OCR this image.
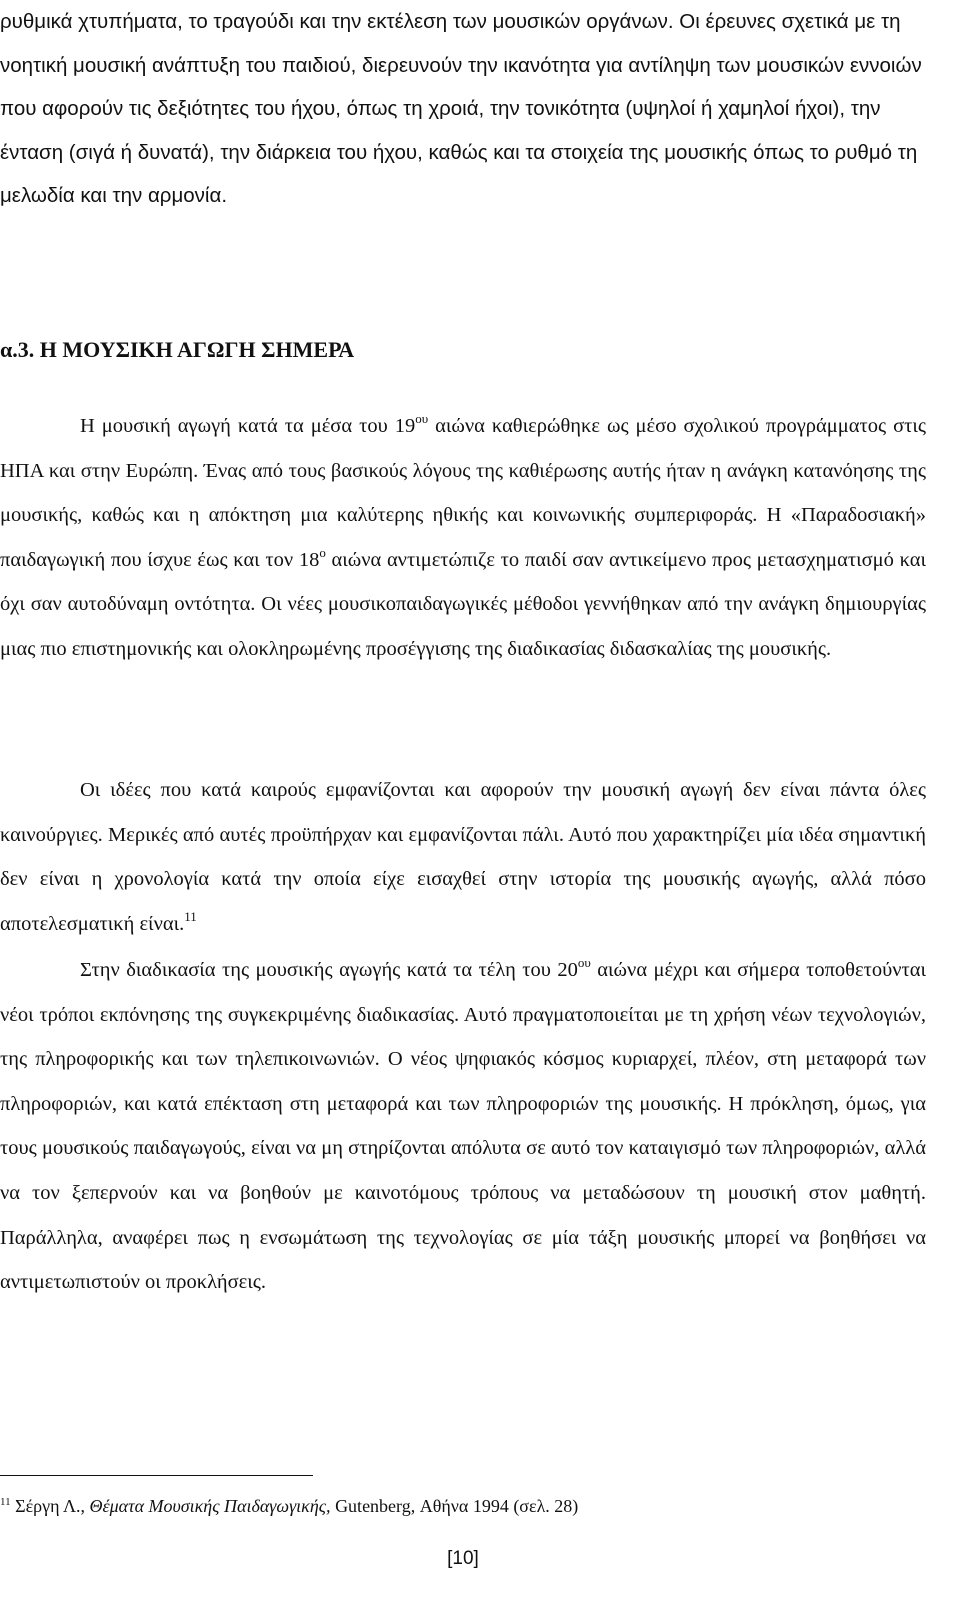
ρυθμικά χτυπήματα, το τραγούδι και την εκτέλεση των μουσικών οργάνων. Οι έρευνες σχετικά με τη νοητική μουσική ανάπτυξη του παιδιού, διερευνούν την ικανότητα για αντίληψη των μουσικών εννοιών που αφορούν τις δεξιότητες του ήχου, όπως τη χροιά, την τονικότητα (υψηλοί ή χαμηλοί ήχοι), την ένταση (σιγά ή δυνατά), την διάρκεια του ήχου, καθώς και τα στοιχεία της μουσικής όπως το ρυθμό τη μελωδία και την αρμονία.

α.3. Η ΜΟΥΣΙΚΗ ΑΓΩΓΗ ΣΗΜΕΡΑ

Η μουσική αγωγή κατά τα μέσα του $19^{o\upsilon}$ αιώνα καθιερώθηκε ως μέσο σχολικού προγράμματος στις ΗΠΑ και στην Ευρώπη. Ένας από τους βασικούς λόγους της καθιέρωσης αυτής ήταν η ανάγκη κατανόησης της μουσικής, καθώς και η απόκτηση μια καλύτερης ηθικής και κοινωνικής συμπεριφοράς. Η «Παραδοσιακή» παιδαγωγική που ίσχυε έως και τον $18^o$ αιώνα αντιμετώπιζε το παιδί σαν αντικείμενο προς μετασχηματισμό και όχι σαν αυτοδύναμη οντότητα. Οι νέες μουσικοπαιδαγωγικές μέθοδοι γεννήθηκαν από την ανάγκη δημιουργίας μιας πιο επιστημονικής και ολοκληρωμένης προσέγγισης της διαδικασίας διδασκαλίας της μουσικής.

Οι ιδέες που κατά καιρούς εμφανίζονται και αφορούν την μουσική αγωγή δεν είναι πάντα όλες καινούργιες. Μερικές από αυτές προϋπήρχαν και εμφανίζονται πάλι. Αυτό που χαρακτηρίζει μία ιδέα σημαντική δεν είναι η χρονολογία κατά την οποία είχε εισαχθεί στην ιστορία της μουσικής αγωγής, αλλά πόσο αποτελεσματική είναι.$^{11}$

Στην διαδικασία της μουσικής αγωγής κατά τα τέλη του $20^{o\upsilon}$ αιώνα μέχρι και σήμερα τοποθετούνται νέοι τρόποι εκπόνησης της συγκεκριμένης διαδικασίας. Αυτό πραγματοποιείται με τη χρήση νέων τεχνολογιών, της πληροφορικής και των τηλεπικοινωνιών. Ο νέος ψηφιακός κόσμος κυριαρχεί, πλέον, στη μεταφορά των πληροφοριών, και κατά επέκταση στη μεταφορά και των πληροφοριών της μουσικής. Η πρόκληση, όμως, για τους μουσικούς παιδαγωγούς, είναι να μη στηρίζονται απόλυτα σε αυτό τον καταιγισμό των πληροφοριών, αλλά να τον ξεπερνούν και να βοηθούν με καινοτόμους τρόπους να μεταδώσουν τη μουσική στον μαθητή. Παράλληλα, αναφέρει πως η ενσωμάτωση της τεχνολογίας σε μία τάξη μουσικής μπορεί να βοηθήσει να αντιμετωπιστούν οι προκλήσεις.

$^{11}$ Σέργη Λ., Θέματα Μουσικής Παιδαγωγικής, Gutenberg, Αθήνα 1994 (σελ. 28)

[10]
